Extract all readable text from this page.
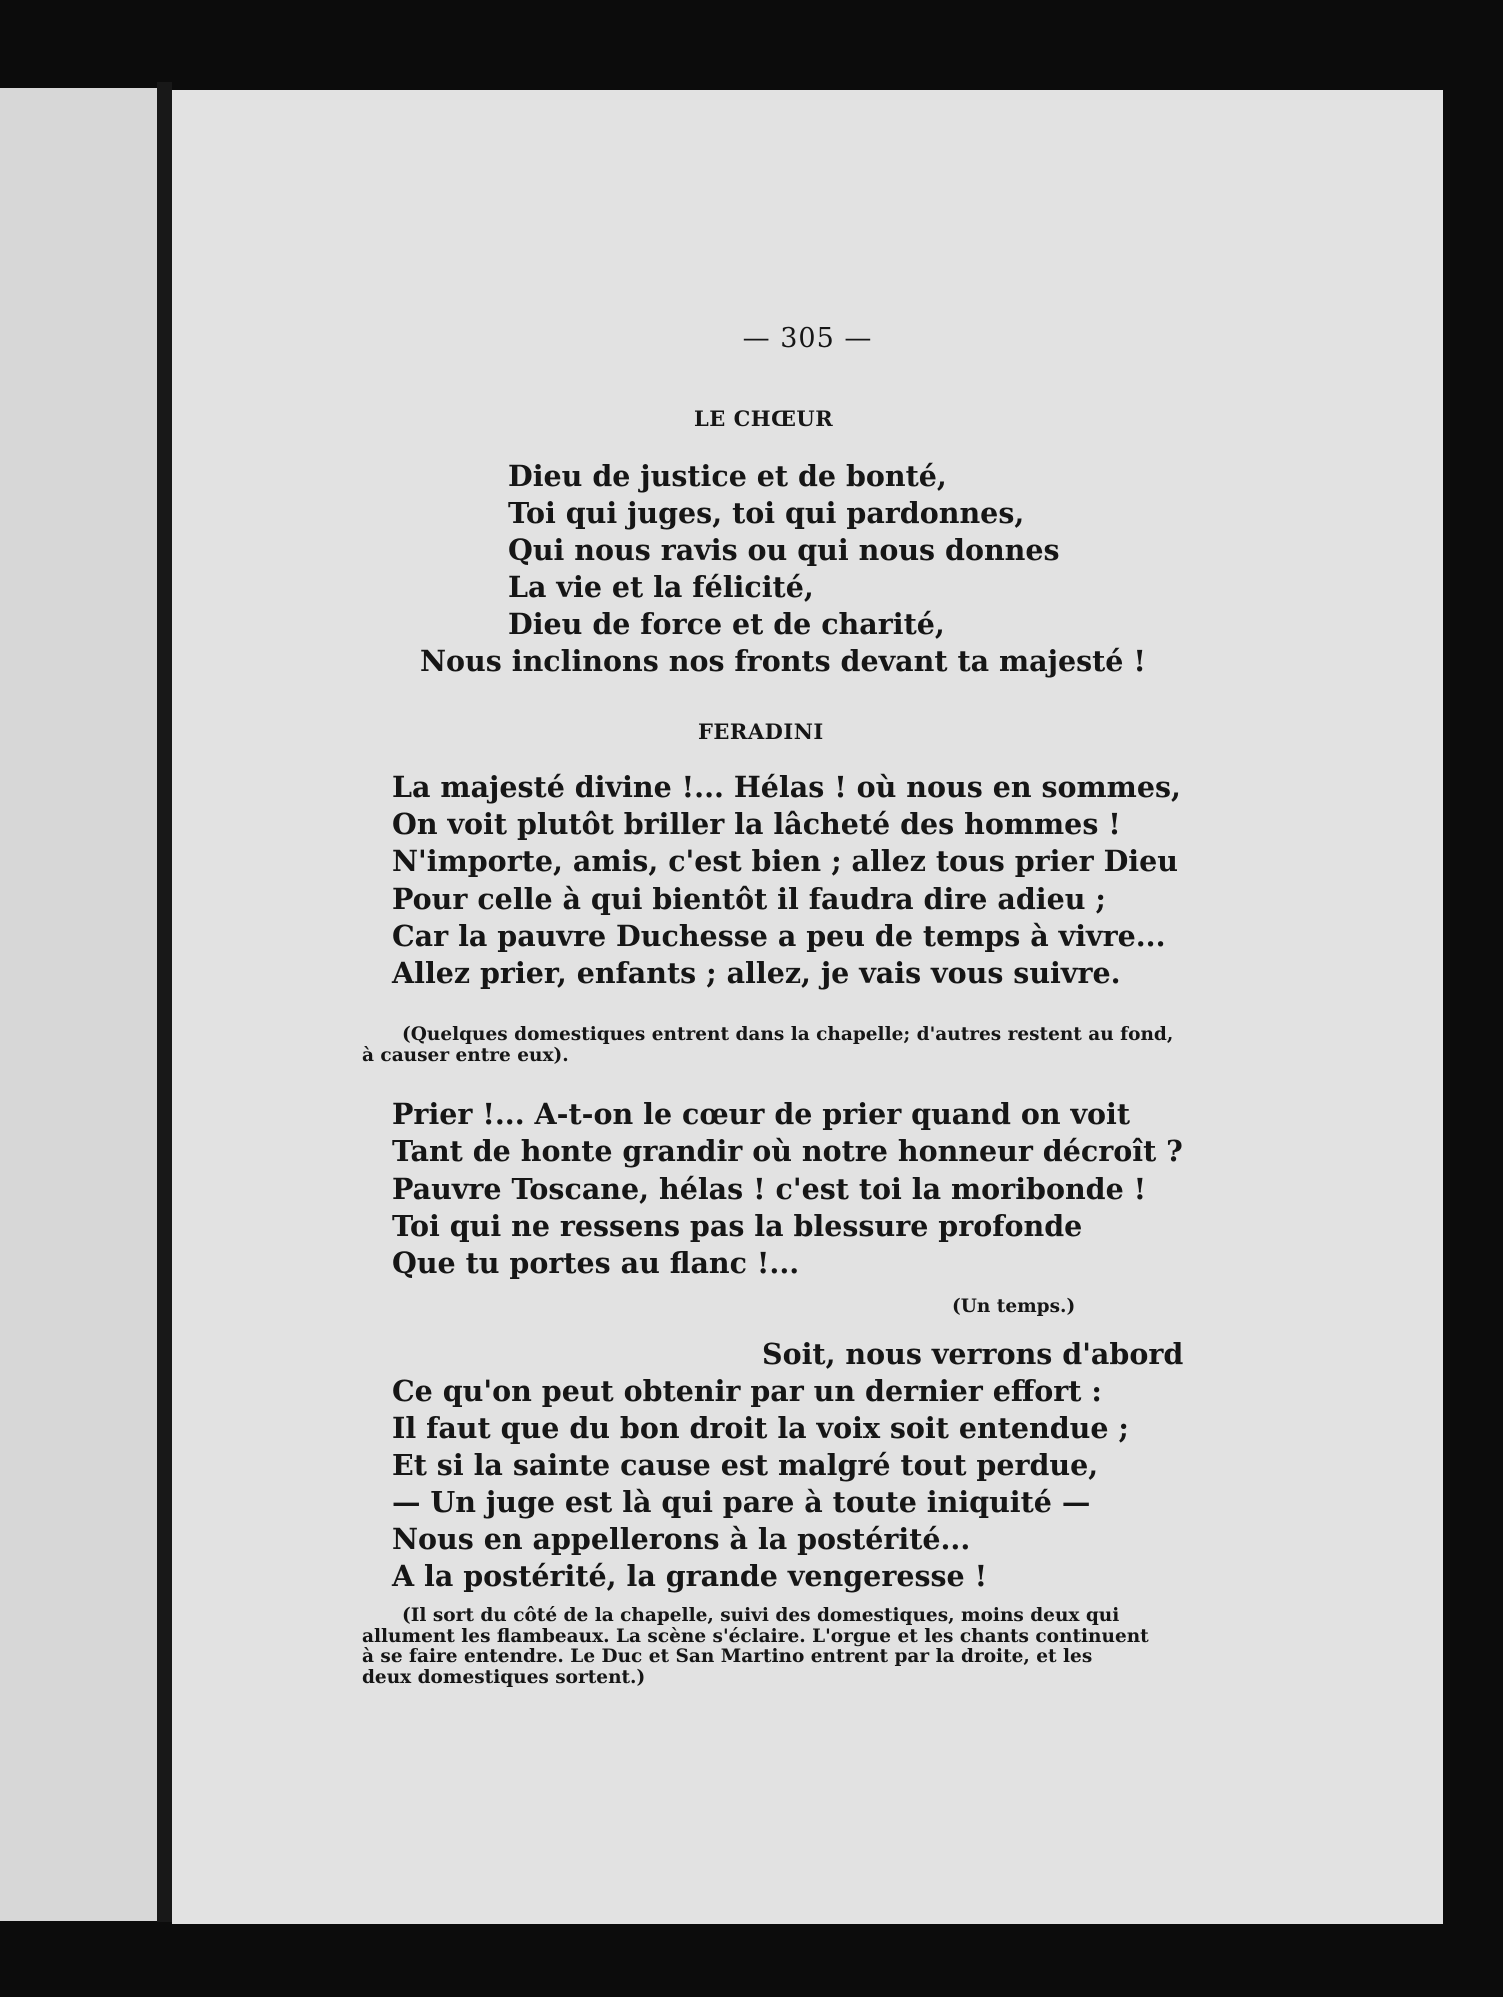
— 305 —
LE CHŒUR
Dieu de justice et de bonté,
Toi qui juges, toi qui pardonnes,
Qui nous ravis ou qui nous donnes
La vie et la félicité,
Dieu de force et de charité,
Nous inclinons nos fronts devant ta majesté !
FERADINI
La majesté divine !... Hélas ! où nous en sommes,
On voit plutôt briller la lâcheté des hommes !
N'importe, amis, c'est bien ; allez tous prier Dieu
Pour celle à qui bientôt il faudra dire adieu ;
Car la pauvre Duchesse a peu de temps à vivre...
Allez prier, enfants ; allez, je vais vous suivre.
(Quelques domestiques entrent dans la chapelle; d'autres restent au fond,
à causer entre eux).
Prier !... A-t-on le cœur de prier quand on voit
Tant de honte grandir où notre honneur décroît ?
Pauvre Toscane, hélas ! c'est toi la moribonde !
Toi qui ne ressens pas la blessure profonde
Que tu portes au flanc !...
(Un temps.)
Soit, nous verrons d'abord
Ce qu'on peut obtenir par un dernier effort :
Il faut que du bon droit la voix soit entendue ;
Et si la sainte cause est malgré tout perdue,
— Un juge est là qui pare à toute iniquité —
Nous en appellerons à la postérité...
A la postérité, la grande vengeresse !
(Il sort du côté de la chapelle, suivi des domestiques, moins deux qui
allument les flambeaux. La scène s'éclaire. L'orgue et les chants continuent
à se faire entendre. Le Duc et San Martino entrent par la droite, et les
deux domestiques sortent.)
